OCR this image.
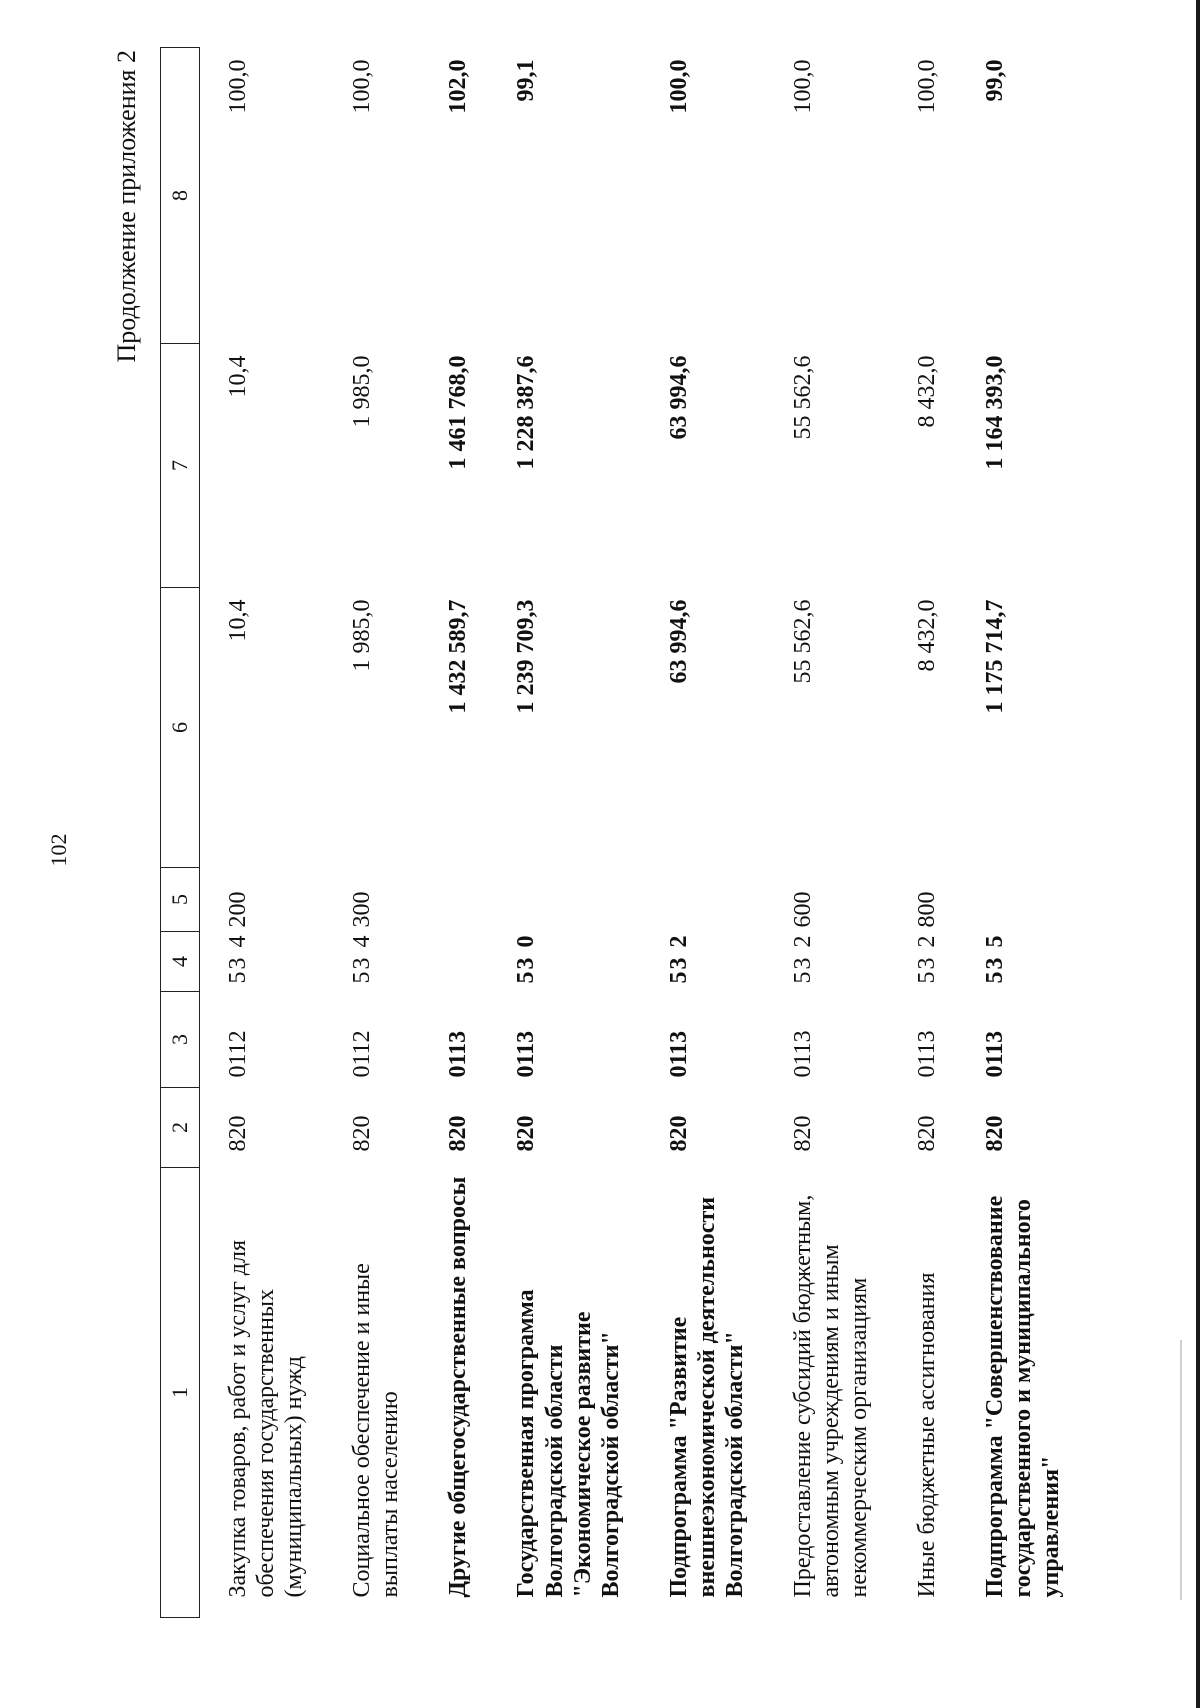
102
Продолжение приложения 2
1	2	3	4	5	6	7	8
Закупка товаров, работ и услуг для обеспечения государственных (муниципальных) нужд	820	0112	53 4	200	10,4	10,4	100,0
Социальное обеспечение и иные выплаты населению	820	0112	53 4	300	1 985,0	1 985,0	100,0
Другие общегосударственные вопросы	820	0113			1 432 589,7	1 461 768,0	102,0
Государственная программа Волгоградской области "Экономическое развитие Волгоградской области"	820	0113	53 0		1 239 709,3	1 228 387,6	99,1
Подпрограмма "Развитие внешнеэкономической деятельности Волгоградской области"	820	0113	53 2		63 994,6	63 994,6	100,0
Предоставление субсидий бюджетным, автономным учреждениям и иным некоммерческим организациям	820	0113	53 2	600	55 562,6	55 562,6	100,0
Иные бюджетные ассигнования	820	0113	53 2	800	8 432,0	8 432,0	100,0
Подпрограмма "Совершенствование государственного и муниципального управления"	820	0113	53 5		1 175 714,7	1 164 393,0	99,0
